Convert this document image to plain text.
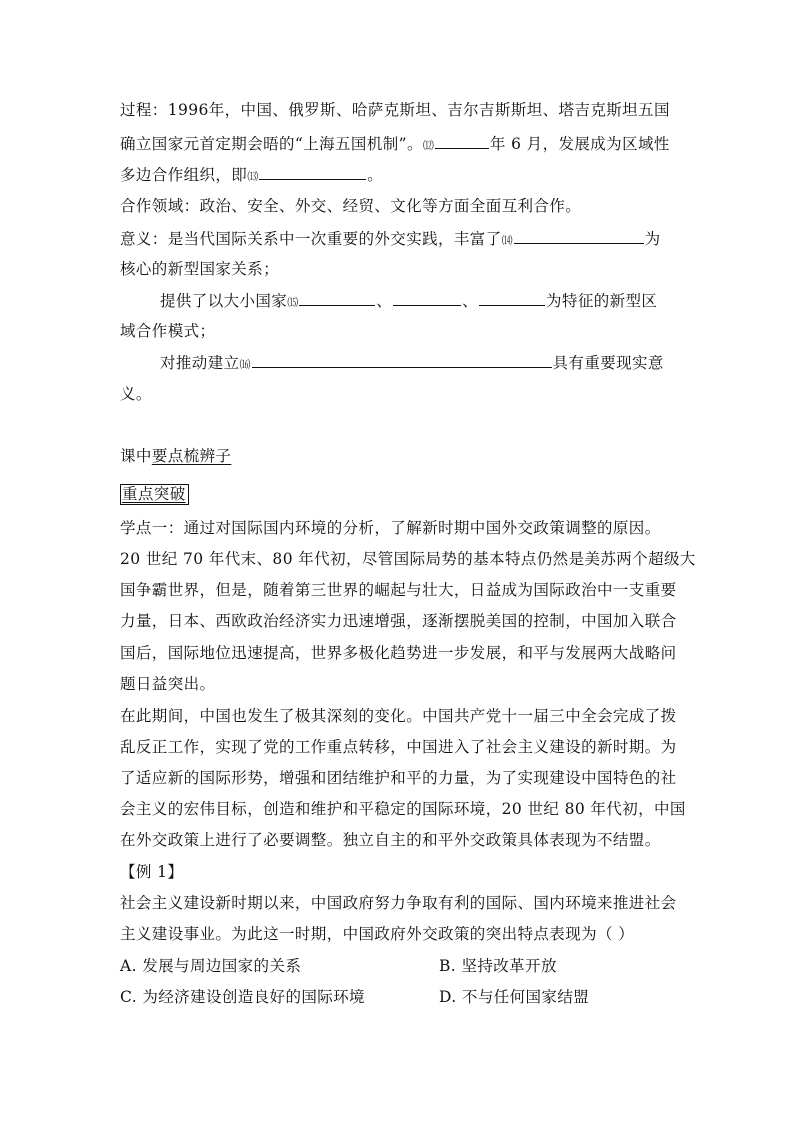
过程：1996年，中国、俄罗斯、哈萨克斯坦、吉尔吉斯斯坦、塔吉克斯坦五国
确立国家元首定期会晤的“上海五国机制”。⑿	年 6 月，发展成为区域性
多边合作组织，即⒀	。
合作领域：政治、安全、外交、经贸、文化等方面全面互利合作。
意义：是当代国际关系中一次重要的外交实践，丰富了⒁	为
核心的新型国家关系；
提供了以大小国家⒂	、	、	为特征的新型区
域合作模式；
对推动建立⒃	具有重要现实意
义。
课中要点梳辨子
重点突破
学点一：通过对国际国内环境的分析，了解新时期中国外交政策调整的原因。
20 世纪 70 年代末、80 年代初，尽管国际局势的基本特点仍然是美苏两个超级大
国争霸世界，但是，随着第三世界的崛起与壮大，日益成为国际政治中一支重要
力量，日本、西欧政治经济实力迅速增强，逐渐摆脱美国的控制，中国加入联合
国后，国际地位迅速提高，世界多极化趋势进一步发展，和平与发展两大战略问
题日益突出。
在此期间，中国也发生了极其深刻的变化。中国共产党十一届三中全会完成了拨
乱反正工作，实现了党的工作重点转移，中国进入了社会主义建设的新时期。为
了适应新的国际形势，增强和团结维护和平的力量，为了实现建设中国特色的社
会主义的宏伟目标，创造和维护和平稳定的国际环境，20 世纪 80 年代初，中国
在外交政策上进行了必要调整。独立自主的和平外交政策具体表现为不结盟。
【例 1】
社会主义建设新时期以来，中国政府努力争取有利的国际、国内环境来推进社会
主义建设事业。为此这一时期，中国政府外交政策的突出特点表现为（ ）
A. 发展与周边国家的关系	B. 坚持改革开放
C. 为经济建设创造良好的国际环境	D. 不与任何国家结盟
